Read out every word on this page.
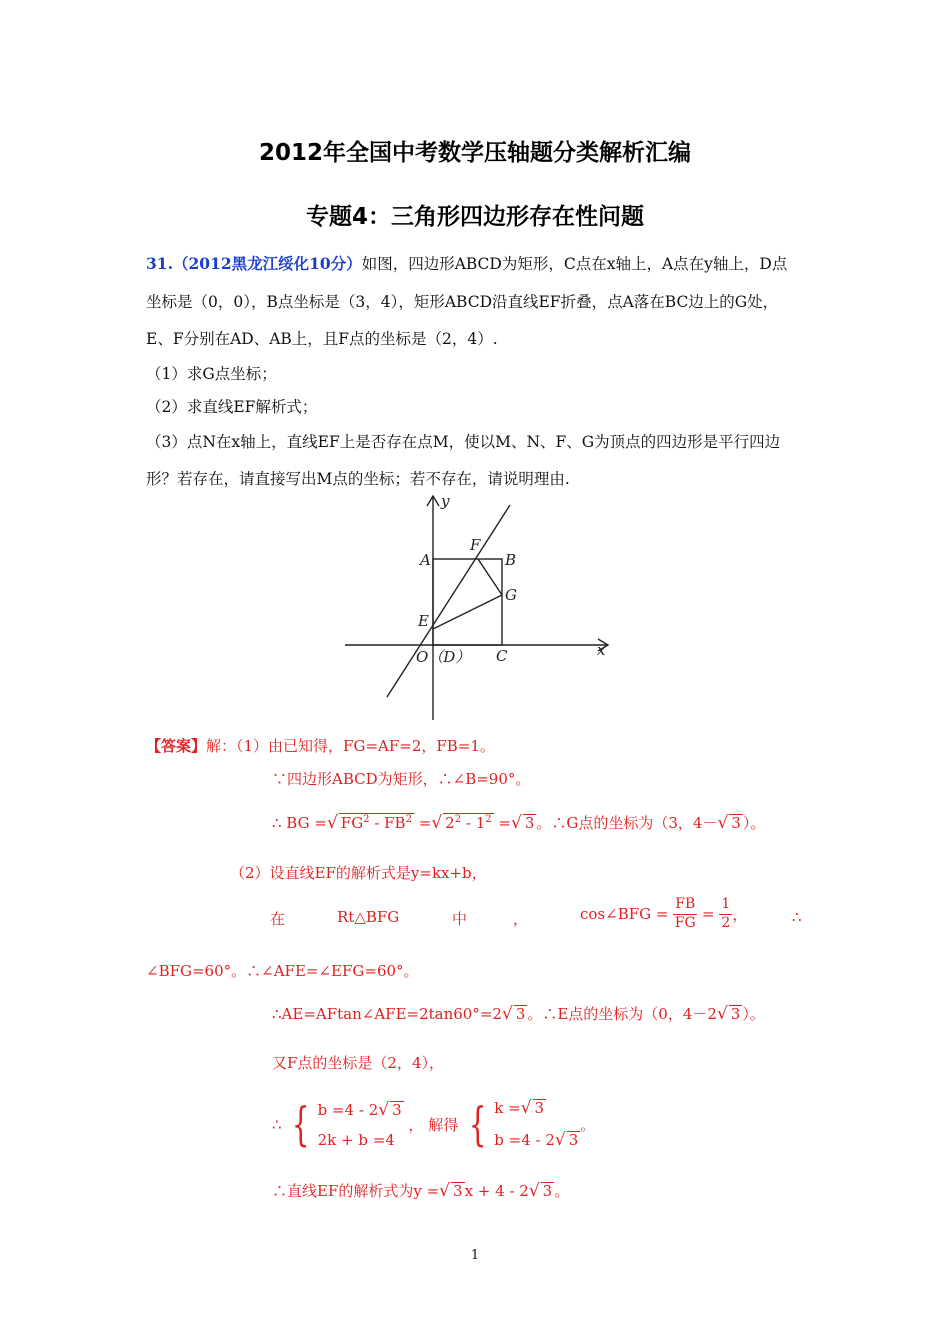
2012年全国中考数学压轴题分类解析汇编
专题4：三角形四边形存在性问题
31.（2012黑龙江绥化10分）如图，四边形ABCD为矩形，C点在x轴上，A点在y轴上，D点
坐标是（0，0），B点坐标是（3，4），矩形ABCD沿直线EF折叠，点A落在BC边上的G处，
E、F分别在AD、AB上，且F点的坐标是（2，4）.
（1）求G点坐标；
（2）求直线EF解析式；
（3）点N在x轴上，直线EF上是否存在点M，使以M、N、F、G为顶点的四边形是平行四边
形？若存在，请直接写出M点的坐标；若不存在，请说明理由.
y
x
A
F
B
G
E
C
O（D）
【答案】解：（1）由已知得，FG=AF=2，FB=1。
∵四边形ABCD为矩形，∴∠B=90°。
∴ BG =√ $FG^2 - FB^2$ =√ $2^2 - 1^2$ =√ 3 。∴G点的坐标为（3，4－√ 3 ）。
（2）设直线EF的解析式是y=kx+b，
在	Rt△BFG	中	，	cos∠BFG = $\frac{FB}{FG} = \frac{1}{2}$ ，	∴
∠BFG=60°。∴∠AFE=∠EFG=60°。
∴AE=AFtan∠AFE=2tan60°=2√ 3 。∴E点的坐标为（0，4－2√ 3 ）。
又F点的坐标是（2，4），
∴ { b =4 - 2√ 3
2k + b =4
， 解得 { k =√ 3
b =4 - 2√ 3
。
∴直线EF的解析式为y =√ 3 x + 4 - 2√ 3 。
1
